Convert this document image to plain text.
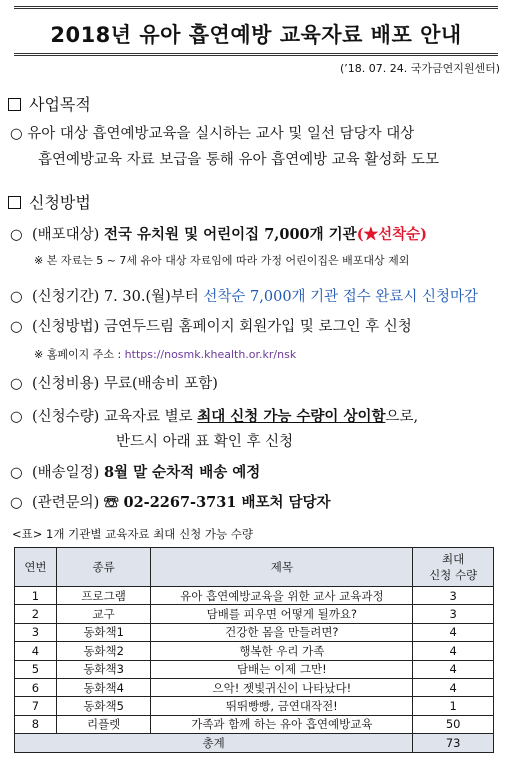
2018년 유아 흡연예방 교육자료 배포 안내
(’18. 07. 24. 국가금연지원센터)
사업목적
○ 유아 대상 흡연예방교육을 실시하는 교사 및 일선 담당자 대상
흡연예방교육 자료 보급을 통해 유아 흡연예방 교육 활성화 도모
신청방법
○ (배포대상) 전국 유치원 및 어린이집 7,000개 기관(★선착순)
※ 본 자료는 5 ~ 7세 유아 대상 자료임에 따라 가정 어린이집은 배포대상 제외
○ (신청기간) 7. 30.(월)부터 선착순 7,000개 기관 접수 완료시 신청마감
○ (신청방법) 금연두드림 홈페이지 회원가입 및 로그인 후 신청
※ 홈페이지 주소 : https://nosmk.khealth.or.kr/nsk
○ (신청비용) 무료(배송비 포함)
○ (신청수량) 교육자료 별로 최대 신청 가능 수량이 상이함으로,
반드시 아래 표 확인 후 신청
○ (배송일정) 8월 말 순차적 배송 예정
○ (관련문의) ☏ 02-2267-3731 배포처 담당자
<표> 1개 기관별 교육자료 최대 신청 가능 수량
연번	종류	제목	최대
신청 수량
1	프로그램	유아 흡연예방교육을 위한 교사 교육과정	3
2	교구	담배를 피우면 어떻게 될까요?	3
3	동화책1	건강한 몸을 만들려면?	4
4	동화책2	행복한 우리 가족	4
5	동화책3	담배는 이제 그만!	4
6	동화책4	으악! 젯빛귀신이 나타났다!	4
7	동화책5	뛰뛰빵빵, 금연대작전!	1
8	리플렛	가족과 함께 하는 유아 흡연예방교육	50
총계			73
